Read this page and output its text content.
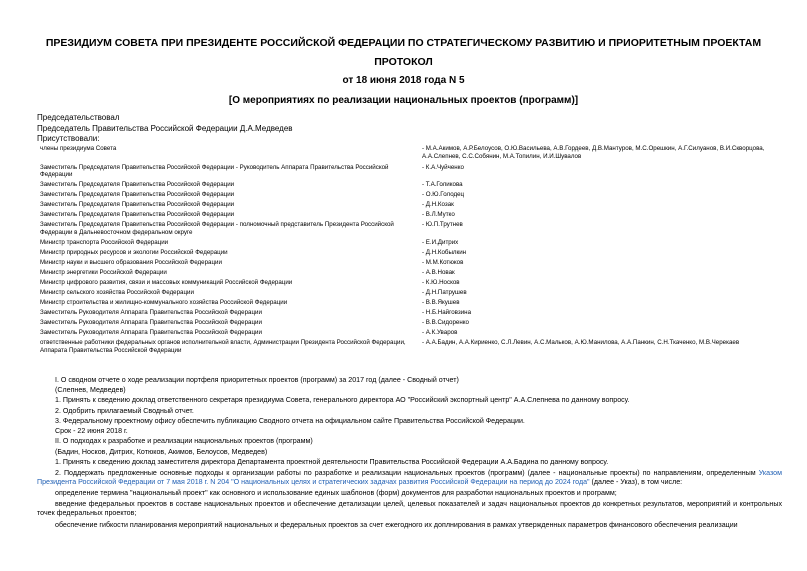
ПРЕЗИДИУМ СОВЕТА ПРИ ПРЕЗИДЕНТЕ РОССИЙСКОЙ ФЕДЕРАЦИИ ПО СТРАТЕГИЧЕСКОМУ РАЗВИТИЮ И ПРИОРИТЕТНЫМ ПРОЕКТАМ
ПРОТОКОЛ
от 18 июня 2018 года N 5
[О мероприятиях по реализации национальных проектов (программ)]
Председательствовал
Председатель Правительства Российской Федерации Д.А.Медведев
Присутствовали:
члены президиума Совета	- М.А.Акимов, А.Р.Белоусов, О.Ю.Васильева, А.В.Гордеев, Д.В.Мантуров, М.С.Орешкин, А.Г.Силуанов, В.И.Скворцова, А.А.Слепнев, С.С.Собянин, М.А.Топилин, И.И.Шувалов
Заместитель Председателя Правительства Российской Федерации - Руководитель Аппарата Правительства Российской Федерации	- К.А.Чуйченко
Заместитель Председателя Правительства Российской Федерации	- Т.А.Голикова
Заместитель Председателя Правительства Российской Федерации	- О.Ю.Голодец
Заместитель Председателя Правительства Российской Федерации	- Д.Н.Козак
Заместитель Председателя Правительства Российской Федерации	- В.Л.Мутко
Заместитель Председателя Правительства Российской Федерации - полномочный представитель Президента Российской Федерации в Дальневосточном федеральном округе	- Ю.П.Трутнев
Министр транспорта Российской Федерации	- Е.И.Дитрих
Министр природных ресурсов и экологии Российской Федерации	- Д.Н.Кобылкин
Министр науки и высшего образования Российской Федерации	- М.М.Котюков
Министр энергетики Российской Федерации	- А.В.Новак
Министр цифрового развития, связи и массовых коммуникаций Российской Федерации	- К.Ю.Носков
Министр сельского хозяйства Российской Федерации	- Д.Н.Патрушев
Министр строительства и жилищно-коммунального хозяйства Российской Федерации	- В.В.Якушев
Заместитель Руководителя Аппарата Правительства Российской Федерации	- Н.Б.Найговзина
Заместитель Руководителя Аппарата Правительства Российской Федерации	- В.В.Сидоренко
Заместитель Руководителя Аппарата Правительства Российской Федерации	- А.К.Уваров
ответственные работники федеральных органов исполнительной власти, Администрации Президента Российской Федерации, Аппарата Правительства Российской Федерации	- А.А.Бадин, А.А.Кириенко, С.Л.Левин, А.С.Мальков, А.Ю.Манилова, А.А.Панкин, С.Н.Ткаченко, М.В.Черекаев
I. О сводном отчете о ходе реализации портфеля приоритетных проектов (программ) за 2017 год (далее - Сводный отчет)
(Слепнев, Медведев)
1. Принять к сведению доклад ответственного секретаря президиума Совета, генерального директора АО "Российский экспортный центр" А.А.Слепнева по данному вопросу.
2. Одобрить прилагаемый Сводный отчет.
3. Федеральному проектному офису обеспечить публикацию Сводного отчета на официальном сайте Правительства Российской Федерации.
Срок - 22 июня 2018 г.
II. О подходах к разработке и реализации национальных проектов (программ)
(Бадин, Носков, Дитрих, Котюков, Акимов, Белоусов, Медведев)
1. Принять к сведению доклад заместителя директора Департамента проектной деятельности Правительства Российской Федерации А.А.Бадина по данному вопросу.
2. Поддержать предложенные основные подходы к организации работы по разработке и реализации национальных проектов (программ) (далее - национальные проекты) по направлениям, определенным Указом Президента Российской Федерации от 7 мая 2018 г. N 204 "О национальных целях и стратегических задачах развития Российской Федерации на период до 2024 года" (далее - Указ), в том числе:
определение термина "национальный проект" как основного и использование единых шаблонов (форм) документов для разработки национальных проектов и программ;
введение федеральных проектов в составе национальных проектов и обеспечение детализации целей, целевых показателей и задач национальных проектов до конкретных результатов, мероприятий и контрольных точек федеральных проектов;
обеспечение гибкости планирования мероприятий национальных и федеральных проектов за счет ежегодного их доплнирования в рамках утвержденных параметров финансового обеспечения реализации
